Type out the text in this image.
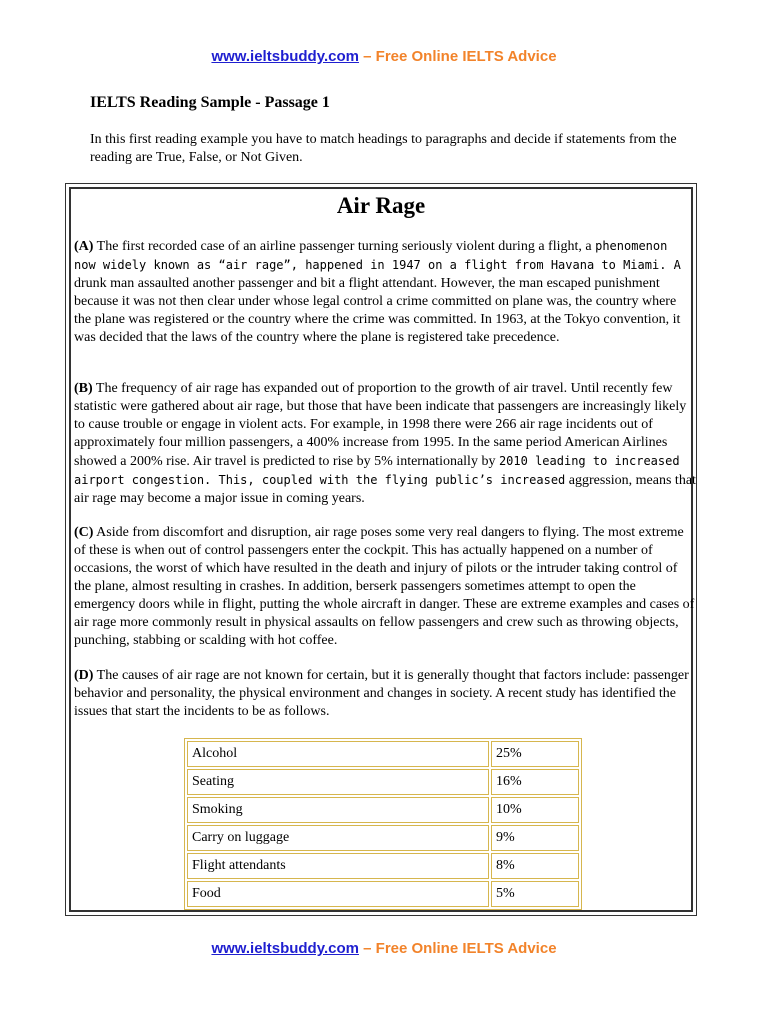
www.ieltsbuddy.com – Free Online IELTS Advice
IELTS Reading Sample - Passage 1
In this first reading example you have to match headings to paragraphs and decide if statements from the reading are True, False, or Not Given.
Air Rage

(A) The first recorded case of an airline passenger turning seriously violent during a flight, a phenomenon now widely known as “air rage”, happened in 1947 on a flight from Havana to Miami. A drunk man assaulted another passenger and bit a flight attendant. However, the man escaped punishment because it was not then clear under whose legal control a crime committed on plane was, the country where the plane was registered or the country where the crime was committed. In 1963, at the Tokyo convention, it was decided that the laws of the country where the plane is registered take precedence.

(B) The frequency of air rage has expanded out of proportion to the growth of air travel. Until recently few statistic were gathered about air rage, but those that have been indicate that passengers are increasingly likely to cause trouble or engage in violent acts. For example, in 1998 there were 266 air rage incidents out of approximately four million passengers, a 400% increase from 1995. In the same period American Airlines showed a 200% rise. Air travel is predicted to rise by 5% internationally by 2010 leading to increased airport congestion. This, coupled with the flying public’s increased aggression, means that air rage may become a major issue in coming years.

(C) Aside from discomfort and disruption, air rage poses some very real dangers to flying. The most extreme of these is when out of control passengers enter the cockpit. This has actually happened on a number of occasions, the worst of which have resulted in the death and injury of pilots or the intruder taking control of the plane, almost resulting in crashes. In addition, berserk passengers sometimes attempt to open the emergency doors while in flight, putting the whole aircraft in danger. These are extreme examples and cases of air rage more commonly result in physical assaults on fellow passengers and crew such as throwing objects, punching, stabbing or scalding with hot coffee.

(D) The causes of air rage are not known for certain, but it is generally thought that factors include: passenger behavior and personality, the physical environment and changes in society. A recent study has identified the issues that start the incidents to be as follows.

Alcohol	25%
Seating	16%
Smoking	10%
Carry on luggage	9%
Flight attendants	8%
Food	5%
www.ieltsbuddy.com – Free Online IELTS Advice
